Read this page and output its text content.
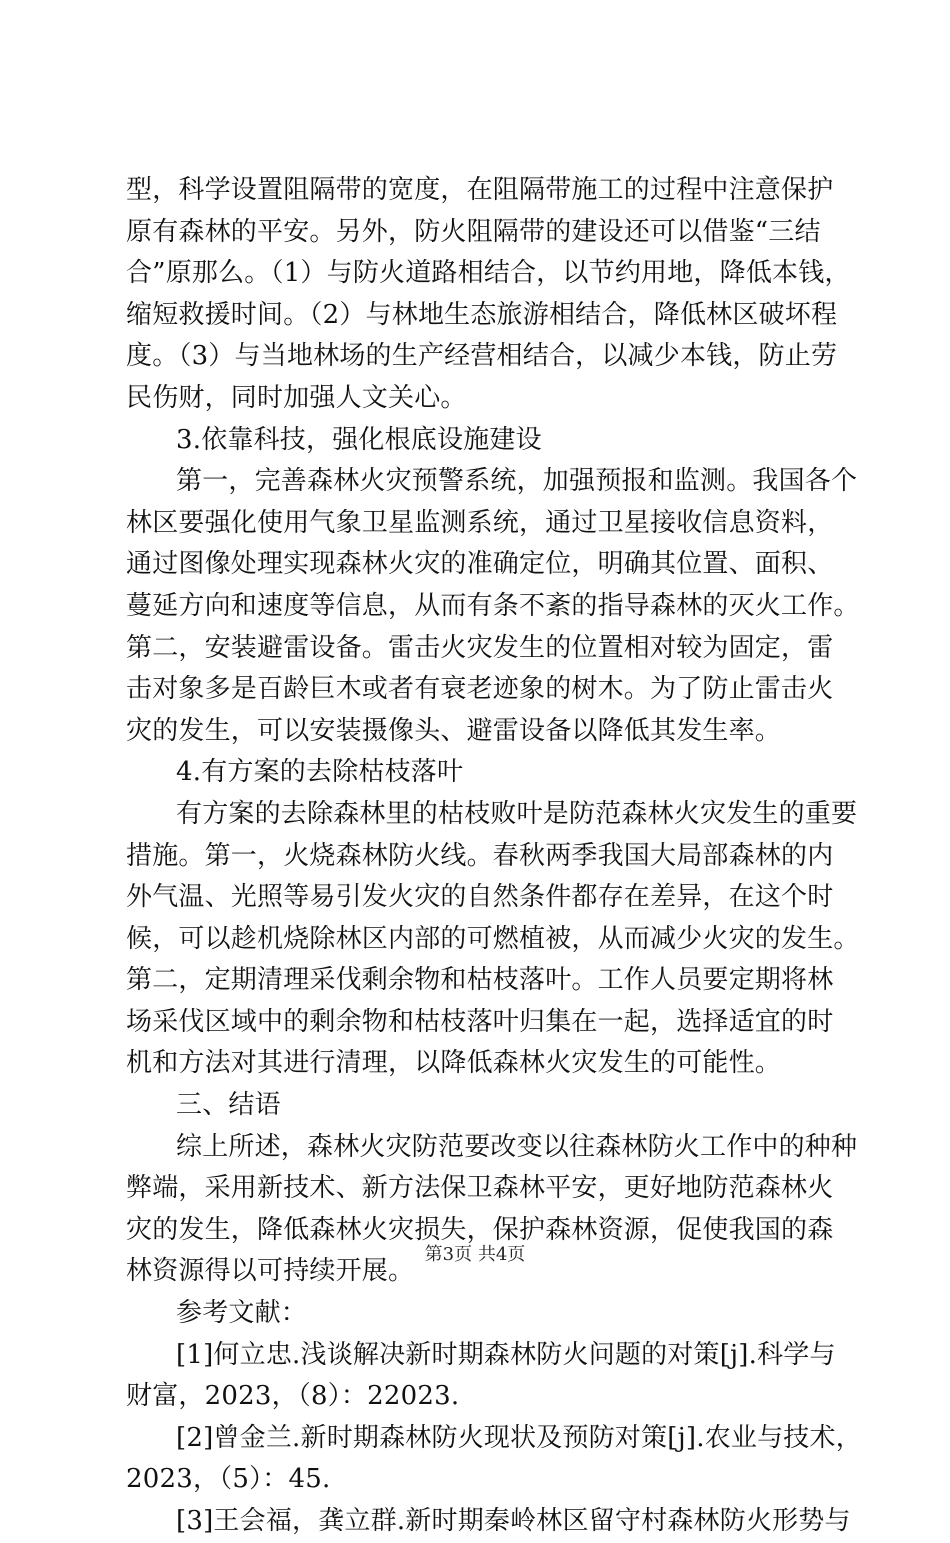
型，科学设置阻隔带的宽度，在阻隔带施工的过程中注意保护
原有森林的平安。另外，防火阻隔带的建设还可以借鉴“三结
合”原那么。（1）与防火道路相结合，以节约用地，降低本钱，
缩短救援时间。（2）与林地生态旅游相结合，降低林区破坏程
度。（3）与当地林场的生产经营相结合，以减少本钱，防止劳
民伤财，同时加强人文关心。
3.依靠科技，强化根底设施建设
第一，完善森林火灾预警系统，加强预报和监测。我国各个
林区要强化使用气象卫星监测系统，通过卫星接收信息资料，
通过图像处理实现森林火灾的准确定位，明确其位置、面积、
蔓延方向和速度等信息，从而有条不紊的指导森林的灭火工作。
第二，安装避雷设备。雷击火灾发生的位置相对较为固定，雷
击对象多是百龄巨木或者有衰老迹象的树木。为了防止雷击火
灾的发生，可以安装摄像头、避雷设备以降低其发生率。
4.有方案的去除枯枝落叶
有方案的去除森林里的枯枝败叶是防范森林火灾发生的重要
措施。第一，火烧森林防火线。春秋两季我国大局部森林的内
外气温、光照等易引发火灾的自然条件都存在差异，在这个时
候，可以趁机烧除林区内部的可燃植被，从而减少火灾的发生。
第二，定期清理采伐剩余物和枯枝落叶。工作人员要定期将林
场采伐区域中的剩余物和枯枝落叶归集在一起，选择适宜的时
机和方法对其进行清理，以降低森林火灾发生的可能性。
三、结语
综上所述，森林火灾防范要改变以往森林防火工作中的种种
弊端，采用新技术、新方法保卫森林平安，更好地防范森林火
灾的发生，降低森林火灾损失，保护森林资源，促使我国的森
林资源得以可持续开展。
参考文献：
[1]何立忠.浅谈解决新时期森林防火问题的对策[j].科学与
财富，2023，（8）：22023.
[2]曾金兰.新时期森林防火现状及预防对策[j].农业与技术，
2023，（5）：45.
[3]王会福，龚立群.新时期秦岭林区留守村森林防火形势与
第3页 共4页
